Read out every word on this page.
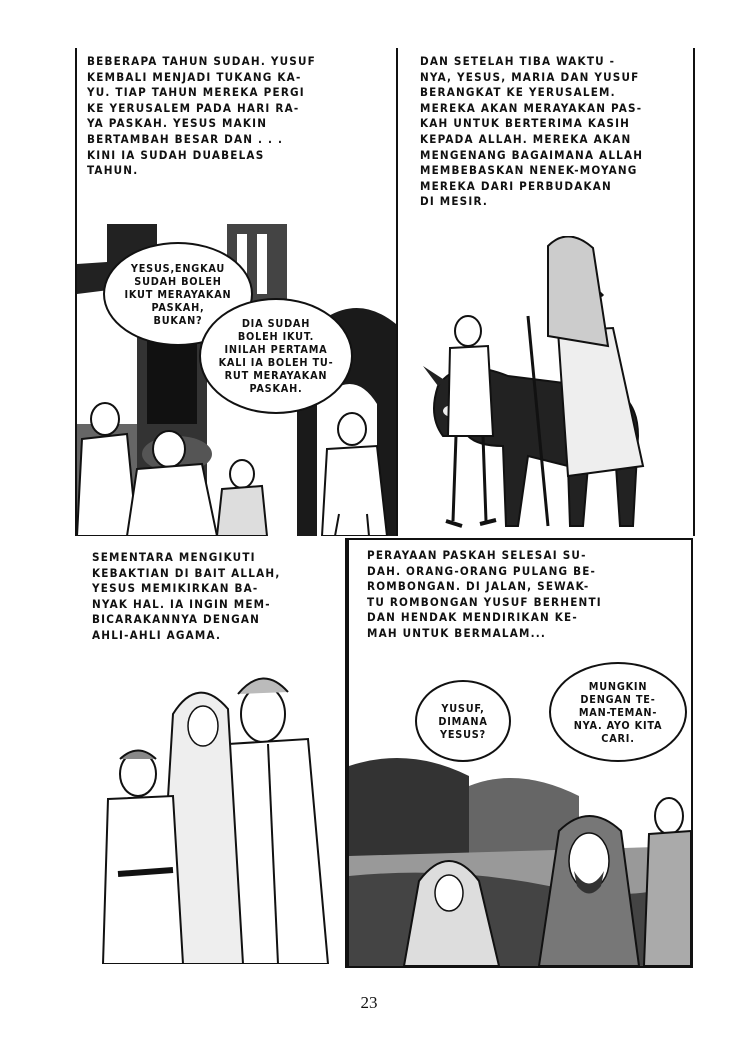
BEBERAPA TAHUN SUDAH. YUSUF
KEMBALI MENJADI TUKANG KA-
YU. TIAP TAHUN MEREKA PERGI
KE YERUSALEM PADA HARI RA-
YA PASKAH. YESUS MAKIN
BERTAMBAH BESAR DAN . . .
KINI IA SUDAH DUABELAS
TAHUN.
YESUS,ENGKAU
SUDAH BOLEH
IKUT MERAYAKAN
PASKAH,
BUKAN?	DIA SUDAH
BOLEH IKUT.
INILAH PERTAMA
KALI IA BOLEH TU-
RUT MERAYAKAN
PASKAH.
DAN SETELAH TIBA WAKTU -
NYA, YESUS, MARIA DAN YUSUF
BERANGKAT KE YERUSALEM.
MEREKA AKAN MERAYAKAN PAS-
KAH UNTUK BERTERIMA KASIH
KEPADA ALLAH. MEREKA AKAN
MENGENANG BAGAIMANA ALLAH
MEMBEBASKAN NENEK-MOYANG
MEREKA DARI PERBUDAKAN
DI MESIR.
SEMENTARA MENGIKUTI
KEBAKTIAN DI BAIT ALLAH,
YESUS MEMIKIRKAN BA-
NYAK HAL. IA INGIN MEM-
BICARAKANNYA DENGAN
AHLI-AHLI AGAMA.
PERAYAAN PASKAH SELESAI SU-
DAH. ORANG-ORANG PULANG BE-
ROMBONGAN. DI JALAN, SEWAK-
TU ROMBONGAN YUSUF BERHENTI
DAN HENDAK MENDIRIKAN KE-
MAH UNTUK BERMALAM...
YUSUF,
DIMANA
YESUS?
MUNGKIN
DENGAN TE-
MAN-TEMAN-
NYA. AYO KITA
CARI.
23
